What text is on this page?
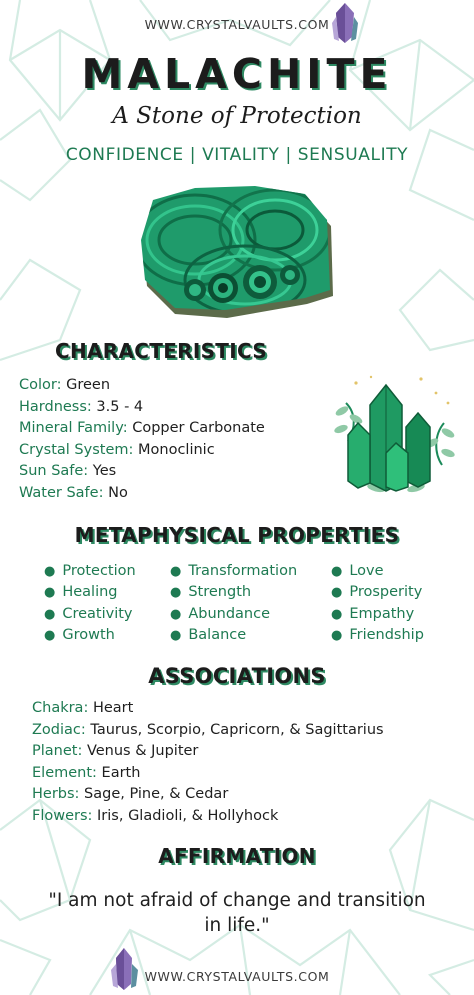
WWW.CRYSTALVAULTS.COM
MALACHITE
A Stone of Protection
CONFIDENCE | VITALITY | SENSUALITY
CHARACTERISTICS
Color: Green
Hardness: 3.5 - 4
Mineral Family: Copper Carbonate
Crystal System: Monoclinic
Sun Safe: Yes
Water Safe: No
METAPHYSICAL PROPERTIES
● Protection
● Healing
● Creativity
● Growth
● Transformation
● Strength
● Abundance
● Balance
● Love
● Prosperity
● Empathy
● Friendship
ASSOCIATIONS
Chakra: Heart
Zodiac: Taurus, Scorpio, Capricorn, & Sagittarius
Planet: Venus & Jupiter
Element: Earth
Herbs: Sage, Pine, & Cedar
Flowers: Iris, Gladioli, & Hollyhock
AFFIRMATION
"I am not afraid of change and transition
in life."
WWW.CRYSTALVAULTS.COM
